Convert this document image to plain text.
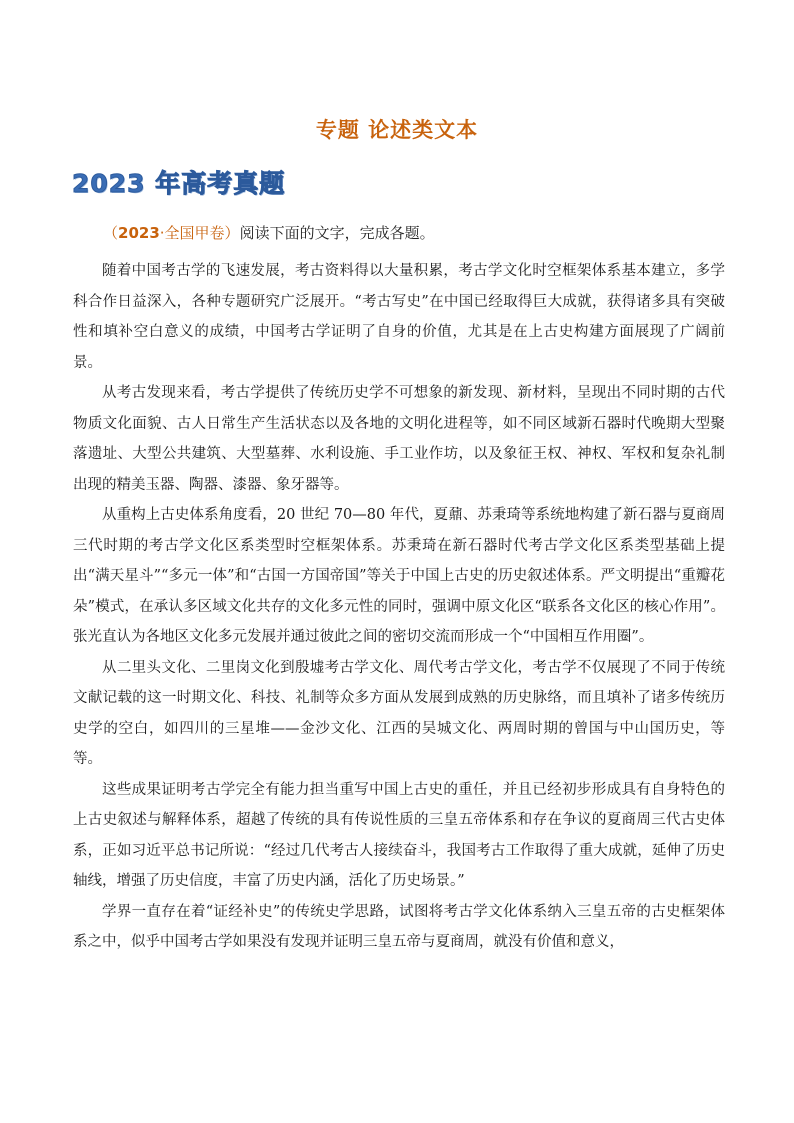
专题 论述类文本
2023 年高考真题
（2023·全国甲卷）阅读下面的文字，完成各题。

随着中国考古学的飞速发展，考古资料得以大量积累，考古学文化时空框架体系基本建立，多学科合作日益深入，各种专题研究广泛展开。“考古写史”在中国已经取得巨大成就，获得诸多具有突破性和填补空白意义的成绩，中国考古学证明了自身的价值，尤其是在上古史构建方面展现了广阔前景。

从考古发现来看，考古学提供了传统历史学不可想象的新发现、新材料，呈现出不同时期的古代物质文化面貌、古人日常生产生活状态以及各地的文明化进程等，如不同区域新石器时代晚期大型聚落遗址、大型公共建筑、大型墓葬、水利设施、手工业作坊，以及象征王权、神权、军权和复杂礼制出现的精美玉器、陶器、漆器、象牙器等。

从重构上古史体系角度看，20 世纪 70—80 年代，夏鼐、苏秉琦等系统地构建了新石器与夏商周三代时期的考古学文化区系类型时空框架体系。苏秉琦在新石器时代考古学文化区系类型基础上提出“满天星斗”“多元一体”和“古国一方国帝国”等关于中国上古史的历史叙述体系。严文明提出“重瓣花朵”模式，在承认多区域文化共存的文化多元性的同时，强调中原文化区“联系各文化区的核心作用”。张光直认为各地区文化多元发展并通过彼此之间的密切交流而形成一个“中国相互作用圈”。

从二里头文化、二里岗文化到殷墟考古学文化、周代考古学文化，考古学不仅展现了不同于传统文献记载的这一时期文化、科技、礼制等众多方面从发展到成熟的历史脉络，而且填补了诸多传统历史学的空白，如四川的三星堆——金沙文化、江西的吴城文化、两周时期的曾国与中山国历史，等等。

这些成果证明考古学完全有能力担当重写中国上古史的重任，并且已经初步形成具有自身特色的上古史叙述与解释体系，超越了传统的具有传说性质的三皇五帝体系和存在争议的夏商周三代古史体系，正如习近平总书记所说：“经过几代考古人接续奋斗，我国考古工作取得了重大成就，延伸了历史轴线，增强了历史信度，丰富了历史内涵，活化了历史场景。”

学界一直存在着“证经补史”的传统史学思路，试图将考古学文化体系纳入三皇五帝的古史框架体系之中，似乎中国考古学如果没有发现并证明三皇五帝与夏商周，就没有价值和意义，
